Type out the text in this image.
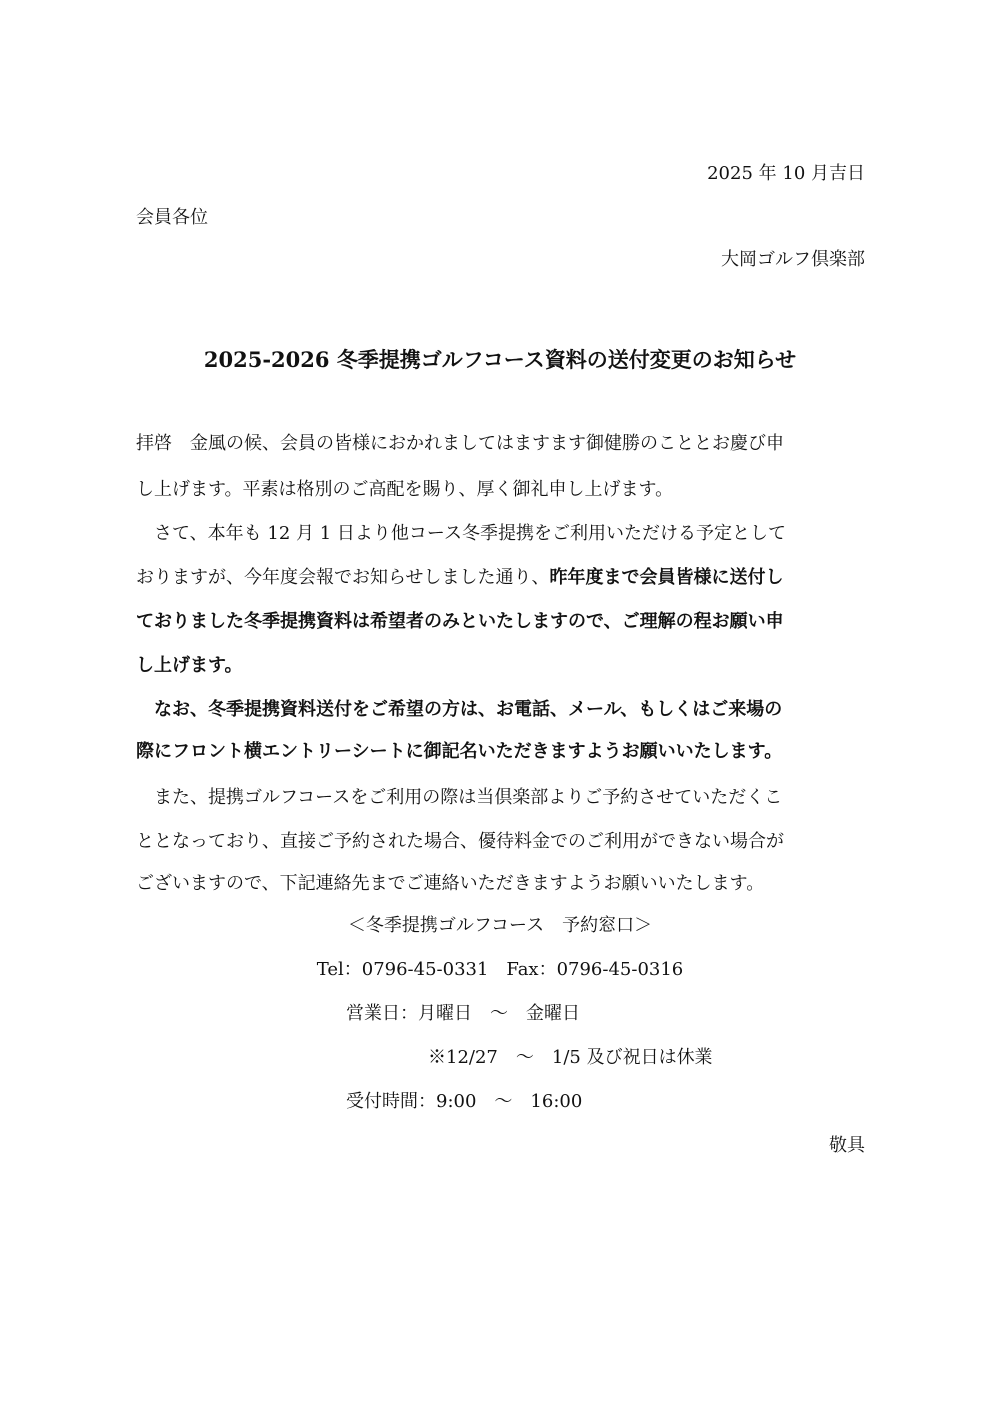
2025 年 10 月吉日
会員各位
大岡ゴルフ倶楽部
2025-2026 冬季提携ゴルフコース資料の送付変更のお知らせ
拝啓　金風の候、会員の皆様におかれましてはますます御健勝のこととお慶び申
し上げます。平素は格別のご高配を賜り、厚く御礼申し上げます。
　さて、本年も 12 月 1 日より他コース冬季提携をご利用いただける予定として
おりますが、今年度会報でお知らせしました通り、昨年度まで会員皆様に送付し
ておりました冬季提携資料は希望者のみといたしますので、ご理解の程お願い申
し上げます。
　なお、冬季提携資料送付をご希望の方は、お電話、メール、もしくはご来場の
際にフロント横エントリーシートに御記名いただきますようお願いいたします。
　また、提携ゴルフコースをご利用の際は当倶楽部よりご予約させていただくこ
ととなっており、直接ご予約された場合、優待料金でのご利用ができない場合が
ございますので、下記連絡先までご連絡いただきますようお願いいたします。
＜冬季提携ゴルフコース　予約窓口＞
Tel：0796-45-0331　Fax：0796-45-0316
営業日：月曜日　～　金曜日
※12/27　～　1/5 及び祝日は休業
受付時間：9:00　～　16:00
敬具
